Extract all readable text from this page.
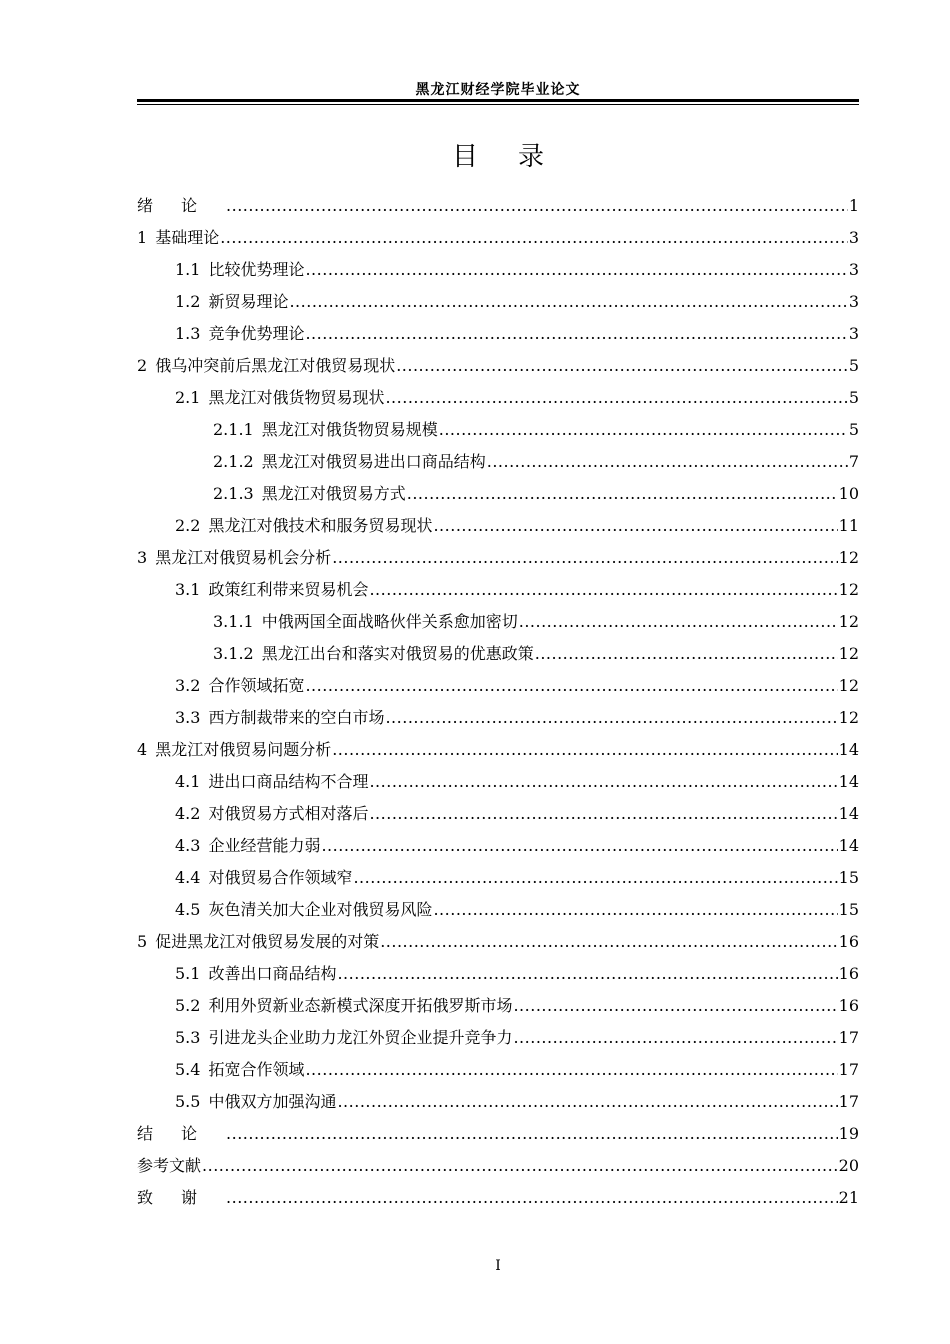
黑龙江财经学院毕业论文
目录
绪论 .....	1
1 基础理论 .....	3
1.1 比较优势理论 .....	3
1.2 新贸易理论 .....	3
1.3 竞争优势理论 .....	3
2 俄乌冲突前后黑龙江对俄贸易现状 .....	5
2.1 黑龙江对俄货物贸易现状 .....	5
2.1.1 黑龙江对俄货物贸易规模 .....	5
2.1.2 黑龙江对俄贸易进出口商品结构 .....	7
2.1.3 黑龙江对俄贸易方式 .....	10
2.2 黑龙江对俄技术和服务贸易现状 .....	11
3 黑龙江对俄贸易机会分析 .....	12
3.1 政策红利带来贸易机会 .....	12
3.1.1 中俄两国全面战略伙伴关系愈加密切 .....	12
3.1.2 黑龙江出台和落实对俄贸易的优惠政策 .....	12
3.2 合作领域拓宽 .....	12
3.3 西方制裁带来的空白市场 .....	12
4 黑龙江对俄贸易问题分析 .....	14
4.1 进出口商品结构不合理 .....	14
4.2 对俄贸易方式相对落后 .....	14
4.3 企业经营能力弱 .....	14
4.4 对俄贸易合作领域窄 .....	15
4.5 灰色清关加大企业对俄贸易风险 .....	15
5 促进黑龙江对俄贸易发展的对策 .....	16
5.1 改善出口商品结构 .....	16
5.2 利用外贸新业态新模式深度开拓俄罗斯市场 .....	16
5.3 引进龙头企业助力龙江外贸企业提升竞争力 .....	17
5.4 拓宽合作领域 .....	17
5.5 中俄双方加强沟通 .....	17
结论 .....	19
参考文献 .....	20
致谢 .....	21
I
